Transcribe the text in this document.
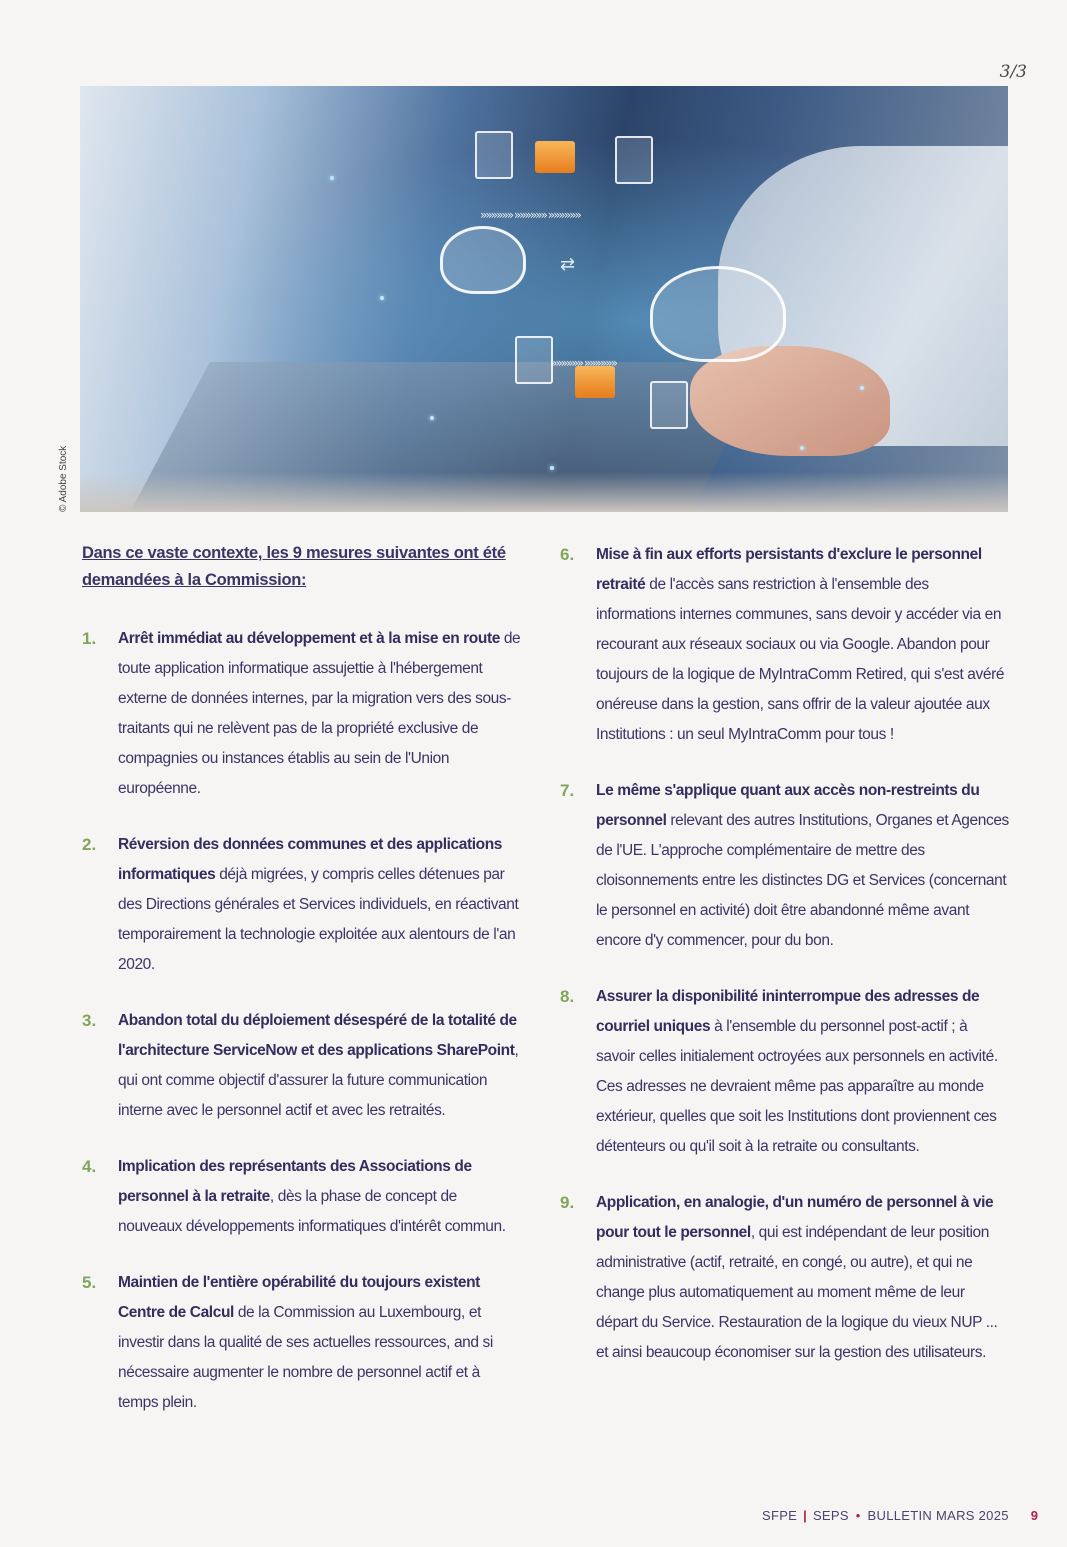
3/3
»»»»»» »»»»»» »»»»»»
⇄
»»»»»» »»»»»»
© Adobe Stock

Dans ce vaste contexte, les 9 mesures suivantes ont été demandées à la Commission:

1.	Arrêt immédiat au développement et à la mise en route de toute application informatique assujettie à l'hébergement externe de données internes, par la migration vers des sous-traitants qui ne relèvent pas de la propriété exclusive de compagnies ou instances établis au sein de l'Union européenne.
2.	Réversion des données communes et des applications informatiques déjà migrées, y compris celles détenues par des Directions générales et Services individuels, en réactivant temporairement la technologie exploitée aux alentours de l'an 2020.
3.	Abandon total du déploiement désespéré de la totalité de l'architecture ServiceNow et des applications SharePoint, qui ont comme objectif d'assurer la future communication interne avec le personnel actif et avec les retraités.
4.	Implication des représentants des Associations de personnel à la retraite, dès la phase de concept de nouveaux développements informatiques d'intérêt commun.
5.	Maintien de l'entière opérabilité du toujours existent Centre de Calcul de la Commission au Luxembourg, et investir dans la qualité de ses actuelles ressources, and si nécessaire augmenter le nombre de personnel actif et à temps plein.
6.	Mise à fin aux efforts persistants d'exclure le personnel retraité de l'accès sans restriction à l'ensemble des informations internes communes, sans devoir y accéder via en recourant aux réseaux sociaux ou via Google. Abandon pour toujours de la logique de MyIntraComm Retired, qui s'est avéré onéreuse dans la gestion, sans offrir de la valeur ajoutée aux Institutions : un seul MyIntraComm pour tous !
7.	Le même s'applique quant aux accès non-restreints du personnel relevant des autres Institutions, Organes et Agences de l'UE. L'approche complémentaire de mettre des cloisonnements entre les distinctes DG et Services (concernant le personnel en activité) doit être abandonné même avant encore d'y commencer, pour du bon.
8.	Assurer la disponibilité ininterrompue des adresses de courriel uniques à l'ensemble du personnel post-actif ; à savoir celles initialement octroyées aux personnels en activité. Ces adresses ne devraient même pas apparaître au monde extérieur, quelles que soit les Institutions dont proviennent ces détenteurs ou qu'il soit à la retraite ou consultants.
9.	Application, en analogie, d'un numéro de personnel à vie pour tout le personnel, qui est indépendant de leur position administrative (actif, retraité, en congé, ou autre), et qui ne change plus automatiquement au moment même de leur départ du Service. Restauration de la logique du vieux NUP ... et ainsi beaucoup économiser sur la gestion des utilisateurs.
SFPE | SEPS • BULLETIN MARS 2025 9
